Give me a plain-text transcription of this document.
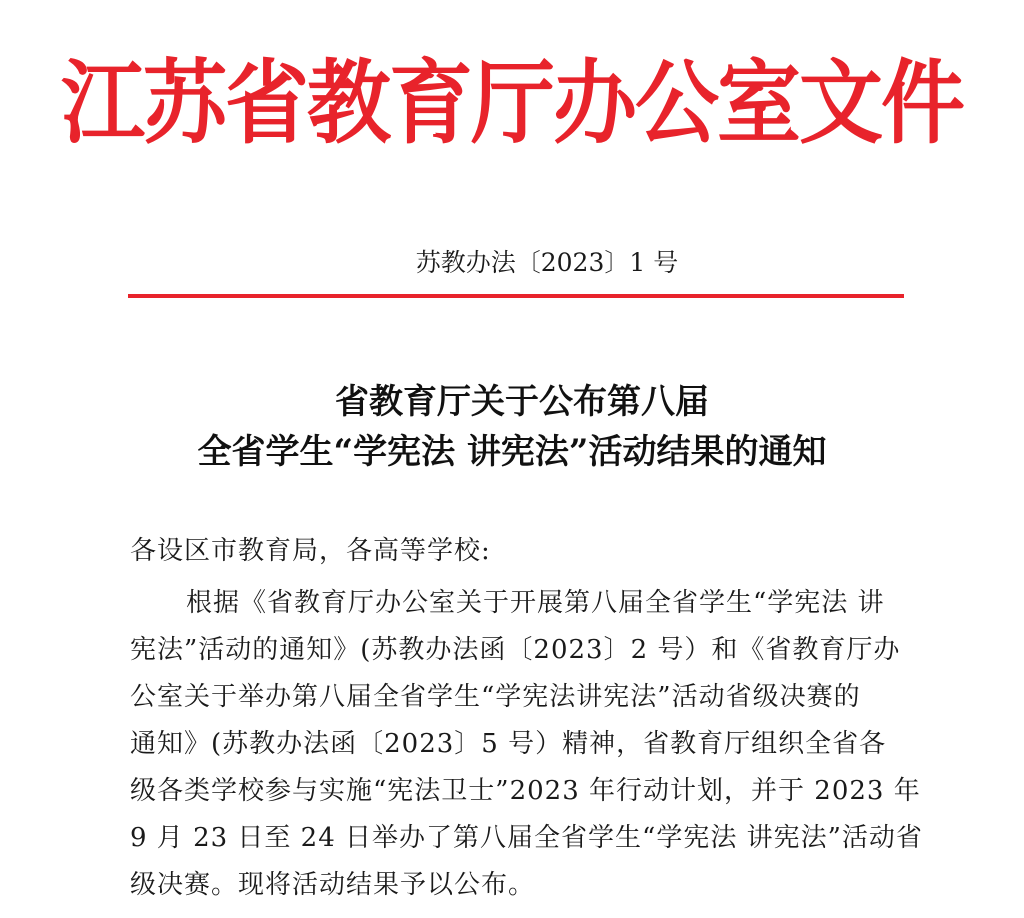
江苏省教育厅办公室文件
苏教办法〔2023〕1 号
省教育厅关于公布第八届
全省学生“学宪法 讲宪法”活动结果的通知
各设区市教育局，各高等学校:
根据《省教育厅办公室关于开展第八届全省学生“学宪法 讲
宪法”活动的通知》(苏教办法函〔2023〕2 号）和《省教育厅办
公室关于举办第八届全省学生“学宪法讲宪法”活动省级决赛的
通知》(苏教办法函〔2023〕5 号）精神，省教育厅组织全省各
级各类学校参与实施“宪法卫士”2023 年行动计划，并于 2023 年
9 月 23 日至 24 日举办了第八届全省学生“学宪法 讲宪法”活动省
级决赛。现将活动结果予以公布。
